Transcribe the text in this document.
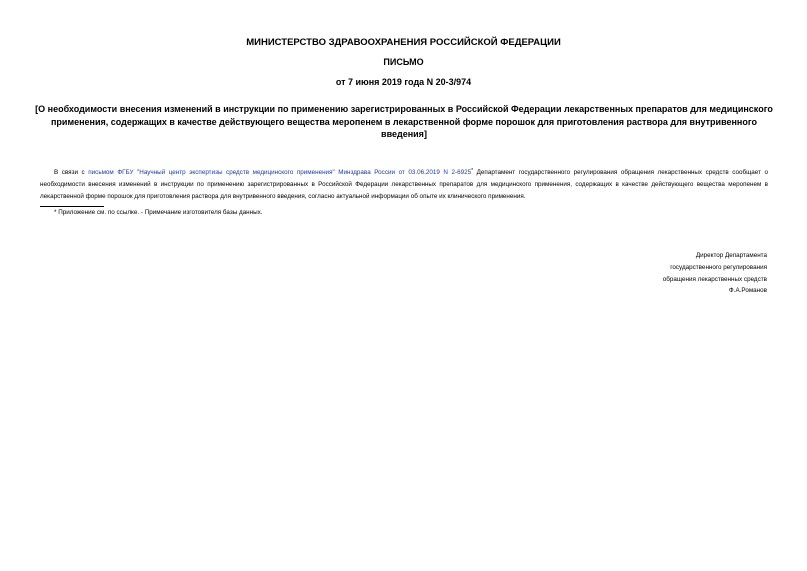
МИНИСТЕРСТВО ЗДРАВООХРАНЕНИЯ РОССИЙСКОЙ ФЕДЕРАЦИИ
ПИСЬМО
от 7 июня 2019 года N 20-3/974
[О необходимости внесения изменений в инструкции по применению зарегистрированных в Российской Федерации лекарственных препаратов для медицинского применения, содержащих в качестве действующего вещества меропенем в лекарственной форме порошок для приготовления раствора для внутривенного введения]
В связи с письмом ФГБУ "Научный центр экспертизы средств медицинского применения" Минздрава России от 03.06.2019 N 2-6925* Департамент государственного регулирования обращения лекарственных средств сообщает о необходимости внесения изменений в инструкции по применению зарегистрированных в Российской Федерации лекарственных препаратов для медицинского применения, содержащих в качестве действующего вещества меропенем в лекарственной форме порошок для приготовления раствора для внутривенного введения, согласно актуальной информации об опыте их клинического применения.
* Приложение см. по ссылке. - Примечание изготовителя базы данных.
Директор Департамента
государственного регулирования
обращения лекарственных средств
Ф.А.Романов
